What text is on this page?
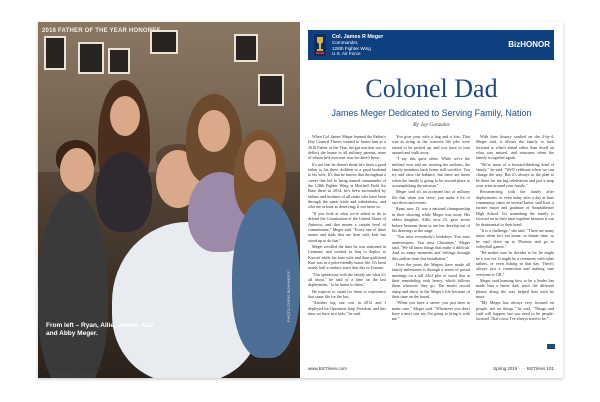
2016 FATHER OF THE YEAR HONOREE
From left – Ryan, Allie, James, Kari and Abby Meger.
PHOTO CHRIS BOHNHOFF
100 BizTimes · · · Spring 2016
Col. James R Meger
Commander,
128th Fighter Wing
U.S. Air Force
BizHONOR
Colonel Dad
James Meger Dedicated to Serving Family, Nation
By Jay Gonzales

When Col. James Meger learned the Father's Day Council Threes wanted to honor him as a 2016 Father of the Year, his gut reaction was to deflect the honor to all military parents, none of whom he'd ever met now be there's been.

It's not that he doesn't think he's been a good father to his three children or a good husband to his wife. It's that he knows that throughout a career that led to being named commander of the 128th Fighter Wing at Mitchell Field Air Base there in 2014, he's been surrounded by fathers and mothers of all ranks who have been through the same trials and tribulations, and who are at least as deserving, if not more so.

"If you look at what we're asked to do to defend the Constitution of the United States of America, and that means a certain level of commitment," Meger said. "Every one of these moms and dads that are here with kids has stood up to do that."

Meger recalled the time he was stationed in Germany and worked in Iraq to deploy to Kuwait while his now-wife and then-girlfriend Kari was in a pilot-friendly home life. It's been nearly half a century since that day in Toronto.

"Our operations with the family are what it's all about," he said of a time on the last deployment, "to be home to them."

He expects to stand for them to experience that same life for the last.

"Another big one was in 2012 and I deployed for Operation Iraqi Freedom, and this time we have two kids," he said.

You give your wife a hug and a kiss. That was as tiring as the concrete life jobs were raised to be picked up, and you have to turn around and walk away.

"I say this quite often: While we're the military ever and are wearing the uniform, the family members back home still sacrifice. You try and raise the balance, but there are times when the family is going to be second place to accomplishing the mission."

Meger said it's an accepted fact of military life that when you serve, you make a lot of sacrifices and events.

Ryan, now 13, was a national championship in their showing while Meger was away. His oldest daughter, Allie, now 15, gave seven before between those to see her develop out of his drawings to the stage.

"You miss everybody's birthdays. You miss anniversaries. You miss Christmas," Meger said. "We all know things that make it difficult. And so many moments and feelings through this outline from this installation."

Over the years the Megers have made all family milestones is through a series of postal meetings on a tall 24x3 plot of wood that in their remodeling took heavy, which follows them wherever they go. The marks record sharp and show in the Meger's life because of their time on the board.

"When you have a career, you just have to make sure," Meger said. "Whenever you don't have a mort you say I'm going to bring it with me."

With their history studied on the 2-by-4, Meger said, it allows the family to look forward to what's ahead rather than dwell on what was missed, and reassures when the family is together again.

"We're more of a forward-thinking kind of family," he said. "We'll celebrate when we can change the way. But it's always in the plan to be there for the big celebration and just a snap your arms around your family."

Reconnecting with the family after deployments, or even today after a day at base community, takes on several forms, said Kari, a former major and graduate of Amphitheater High School. It's something the family is focused on in their time together because it can be detrimental to their bond.

"It is a challenge," she said. "There are many times when he's not home, so dinner time, so he can't drive up to Phoenix and go to volleyball games."

"He makes sure he decides to be, he might be a war vet. It might be a ceremony with other fathers, or even fishing in that day. There's always just a connection and making sure everyone is OK."

Meger said learning how to be a leader has made him a better dad, since the different phases along the way helped him each be more.

"My Meger has always very focused on people, not on things," he said. "Things and stuff will happen, but you need to be people-focused. That's how I've always tried to be."

www.BizTimes.com	Spring 2016 · · · BizTimes 101
